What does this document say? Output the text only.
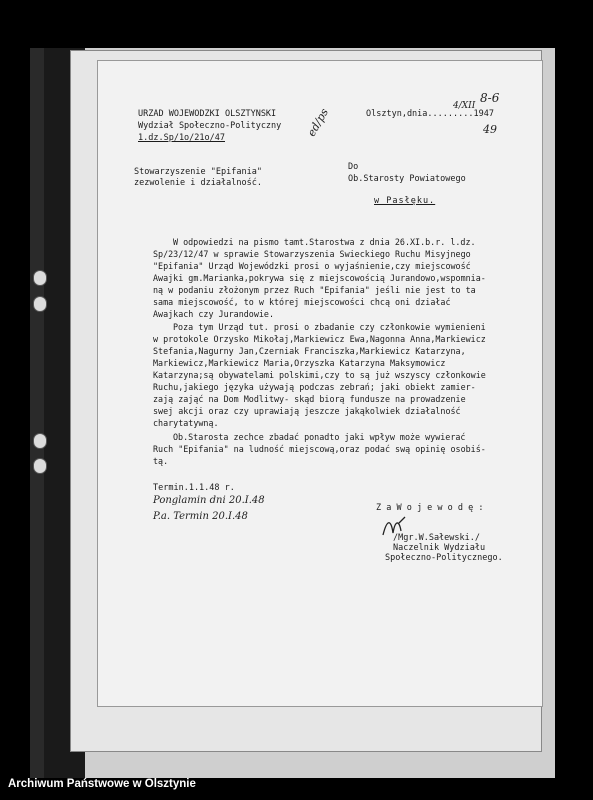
URZAD WOJEWODZKI OLSZTYNSKI
Wydział Społeczno-Polityczny
1.dz.Sp/1o/21o/47	ed/ps	Olsztyn,dnia.........1947
4/XII
8-6
49
Stowarzyszenie "Epifania"
zezwolenie i działalność.
Do
Ob.Starosty Powiatowego
w Pasłęku.
W odpowiedzi na pismo tamt.Starostwa z dnia 26.XI.b.r. l.dz.
Sp/23/12/47 w sprawie Stowarzyszenia Swieckiego Ruchu Misyjnego
"Epifania" Urząd Wojewódzki prosi o wyjaśnienie,czy miejscowość
Awajki gm.Marianka,pokrywa się z miejscowością Jurandowo,wspomnia-
ną w podaniu złożonym przez Ruch "Epifania" jeśli nie jest to ta
sama miejscowość, to w której miejscowości chcą oni działać
Awajkach czy Jurandowie.
Poza tym Urząd tut. prosi o zbadanie czy członkowie wymienieni
w protokole Orzysko Mikołaj,Markiewicz Ewa,Nagonna Anna,Markiewicz
Stefania,Nagurny Jan,Czerniak Franciszka,Markiewicz Katarzyna,
Markiewicz,Markiewicz Maria,Orzyszka Katarzyna Maksymowicz
Katarzyna;są obywatelami polskimi,czy to są już wszyscy członkowie
Ruchu,jakiego języka używają podczas zebrań; jaki obiekt zamier-
zają zająć na Dom Modlitwy- skąd biorą fundusze na prowadzenie
swej akcji oraz czy uprawiają jeszcze jakąkolwiek działalność
charytatywną.
Ob.Starosta zechce zbadać ponadto jaki wpływ może wywierać
Ruch "Epifania" na ludność miejscową,oraz podać swą opinię osobiś-
tą.
Termin.1.1.48 r.
Ponglamin dni 20.I.48
P.a. Termin 20.I.48
Z a W o j e w o d ę :
/Mgr.W.Sałewski./
Naczelnik Wydziału
Społeczno-Politycznego.
Archiwum Państwowe w Olsztynie
